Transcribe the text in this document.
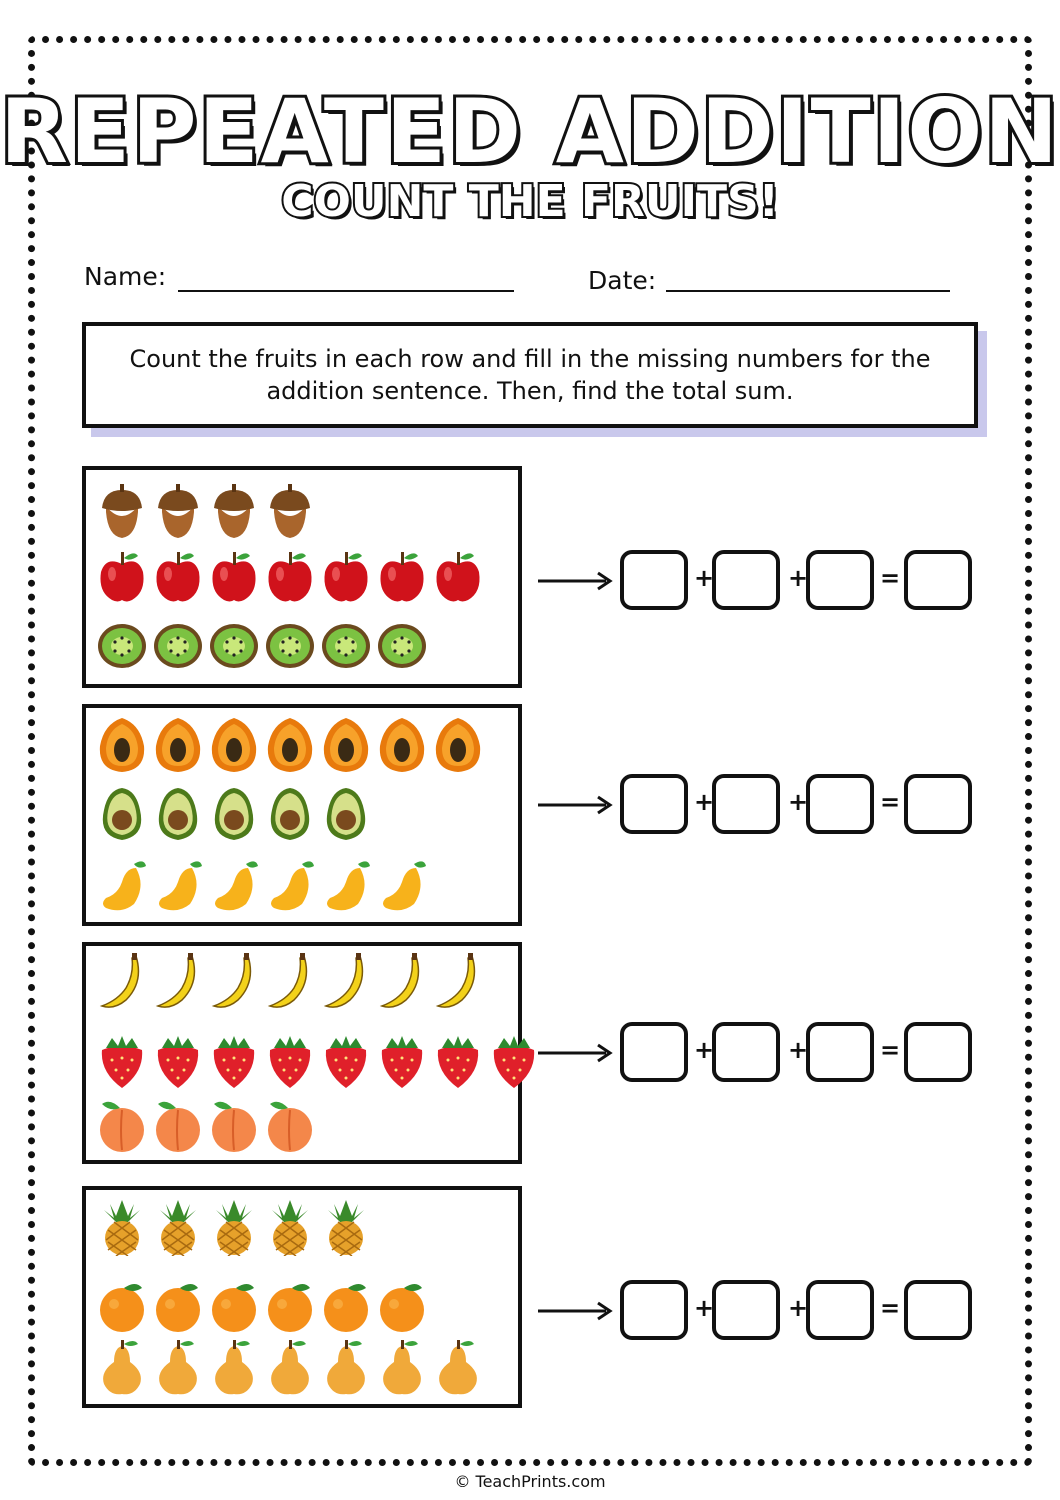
REPEATED ADDITION
COUNT THE FRUITS!
Name:	Date:
Count the fruits in each row and fill in the missing numbers for the addition sentence. Then, find the total sum.
+	+	=
+	+	=
+	+	=
+	+	=
© TeachPrints.com
